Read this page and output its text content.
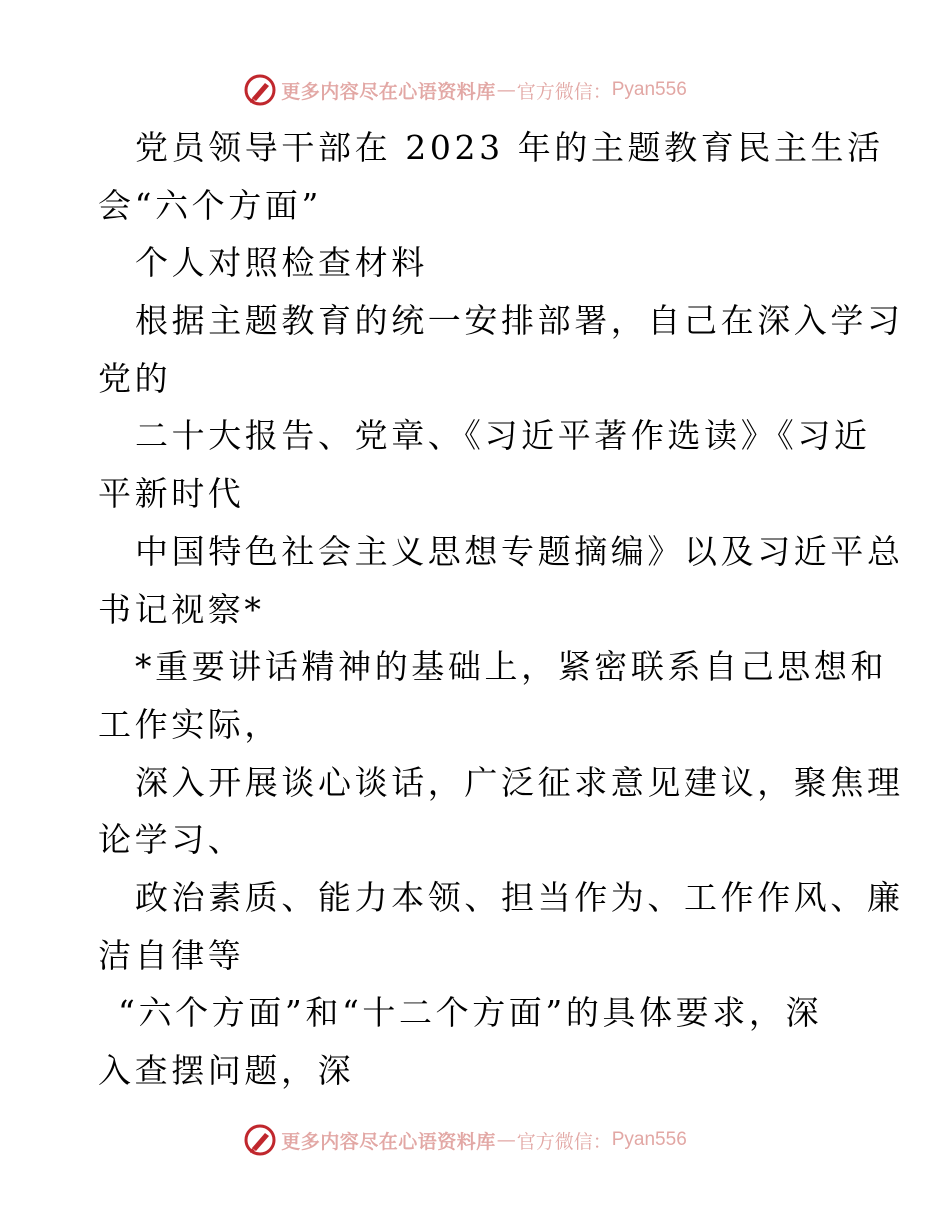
更多内容尽在心语资料库 — 官方微信： Pyan556
党员领导干部在 2023 年的主题教育民主生活
会“六个方面”
个人对照检查材料
根据主题教育的统一安排部署，自己在深入学习
党的
二十大报告、党章、《习近平著作选读》《习近
平新时代
中国特色社会主义思想专题摘编》以及习近平总
书记视察*
*重要讲话精神的基础上，紧密联系自己思想和
工作实际，
深入开展谈心谈话，广泛征求意见建议，聚焦理
论学习、
政治素质、能力本领、担当作为、工作作风、廉
洁自律等
“六个方面”和“十二个方面”的具体要求，深
入查摆问题，深
更多内容尽在心语资料库 — 官方微信： Pyan556
